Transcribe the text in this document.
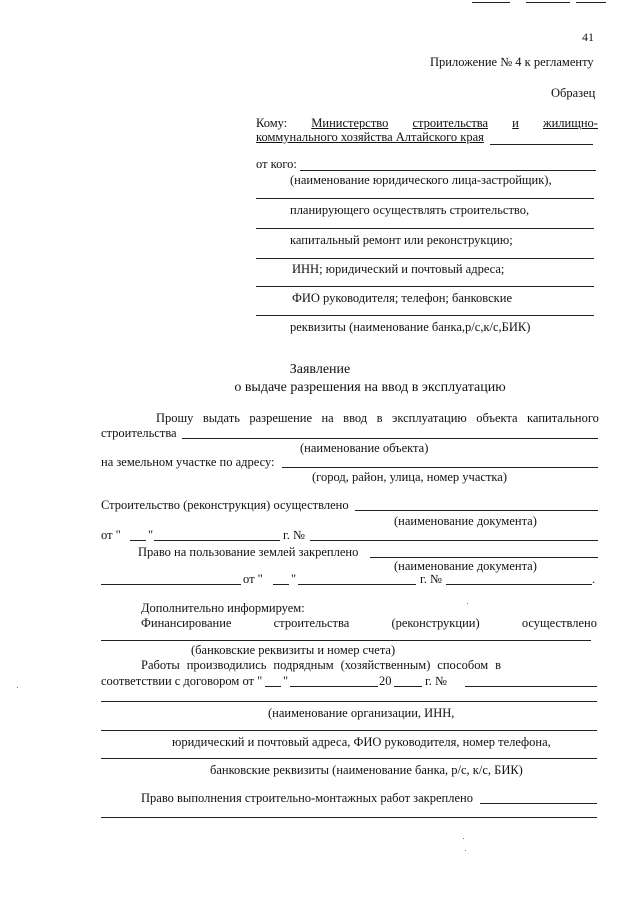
41
Приложение № 4 к регламенту
Образец
Кому: Министерство строительства и жилищно-
коммунального хозяйства Алтайского края
от кого:
(наименование юридического лица-застройщик),
планирующего осуществлять строительство,
капитальный ремонт или реконструкцию;
ИНН; юридический и почтовый адреса;
ФИО руководителя; телефон; банковские
реквизиты (наименование банка,р/с,к/с,БИК)
Заявление
о выдаче разрешения на ввод в эксплуатацию
Прошу выдать разрешение на ввод в эксплуатацию объекта капитального
строительства
(наименование объекта)
на земельном участке по адресу:
(город, район, улица, номер участка)
Строительство (реконструкция) осуществлено
(наименование документа)
от " "	г. №
Право на пользование землей закреплено
(наименование документа)
от " "	г. №	.
Дополнительно информируем:
Финансирование	строительства	(реконструкции)	осуществлено
(банковские реквизиты и номер счета)
Работы производились подрядным (хозяйственным) способом в
соответствии с договором от " "	20	г. №
(наименование организации, ИНН,
юридический и почтовый адреса, ФИО руководителя, номер телефона,
банковские реквизиты (наименование банка, р/с, к/с, БИК)
Право выполнения строительно-монтажных работ закреплено
